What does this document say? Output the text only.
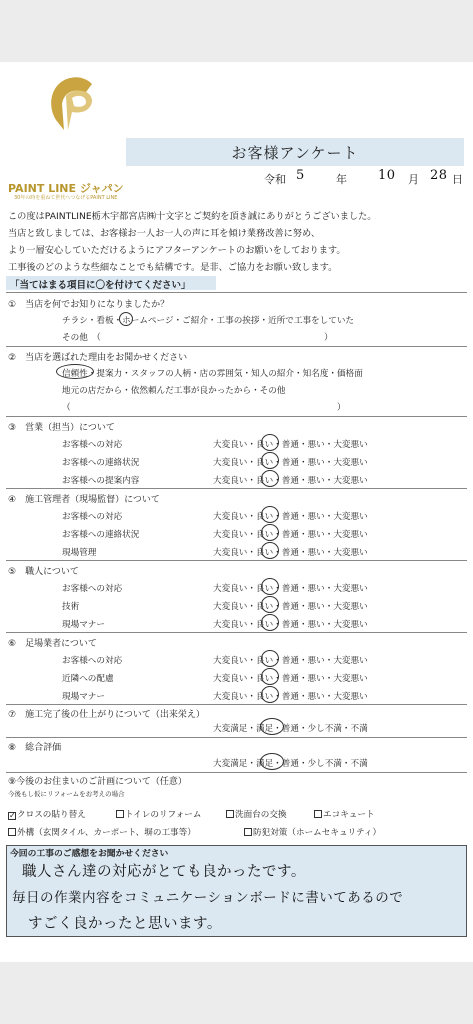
PAINT LINE ジャパン
30年の時を重ねて世代へつなげるPAINT LINE
お客様アンケート
令和 5	年 10 月 28 日
この度はPAINTLINE栃木宇都宮店㈱十文字とご契約を頂き誠にありがとうございました。
当店と致しましては、お客様お一人お一人の声に耳を傾け業務改善に努め、
より一層安心していただけるようにアフターアンケートのお願いをしております。
工事後のどのような些細なことでも結構です。是非、ご協力をお願い致します。
「当てはまる項目に〇を付けてください」
①　当店を何でお知りになりましたか？
チラシ・看板・ホームページ・ご紹介・工事の挨拶・近所で工事をしていた
その他　（　　　　　　　　　　　　　　　　　　　　　　　　　　）
②　当店を選ばれた理由をお聞かせください
信頼性・提案力・スタッフの人柄・店の雰囲気・知人の紹介・知名度・価格面
地元の店だから・依然頼んだ工事が良かったから・その他
（　　　　　　　　　　　　　　　　　　　　　　　　　　　　　　　）
③　営業（担当）について
お客様への対応	大変良い・良い・普通・悪い・大変悪い
お客様への連絡状況	大変良い・良い・普通・悪い・大変悪い
お客様への提案内容	大変良い・良い・普通・悪い・大変悪い
④　施工管理者（現場監督）について
お客様への対応	大変良い・良い・普通・悪い・大変悪い
お客様への連絡状況	大変良い・良い・普通・悪い・大変悪い
現場管理	大変良い・良い・普通・悪い・大変悪い
⑤　職人について
お客様への対応	大変良い・良い・普通・悪い・大変悪い
技術	大変良い・良い・普通・悪い・大変悪い
現場マナー	大変良い・良い・普通・悪い・大変悪い
⑥　足場業者について
お客様への対応	大変良い・良い・普通・悪い・大変悪い
近隣への配慮	大変良い・良い・普通・悪い・大変悪い
現場マナー	大変良い・良い・普通・悪い・大変悪い
⑦　施工完了後の仕上がりについて（出来栄え）
大変満足・満足・普通・少し不満・不満
⑧　総合評価
大変満足・満足・普通・少し不満・不満
⑨今後のお住まいのご計画について（任意）
今後もし仮にリフォームをお考えの場合
✓クロスの貼り替え	トイレのリフォーム	洗面台の交換	エコキュート
外構（玄関タイル、カーポート、塀の工事等）	防犯対策（ホームセキュリティ）
今回の工事のご感想をお聞かせください
職人さん達の対応がとても良かったです。
毎日の作業内容をコミュニケーションボードに書いてあるので
すごく良かったと思います。
